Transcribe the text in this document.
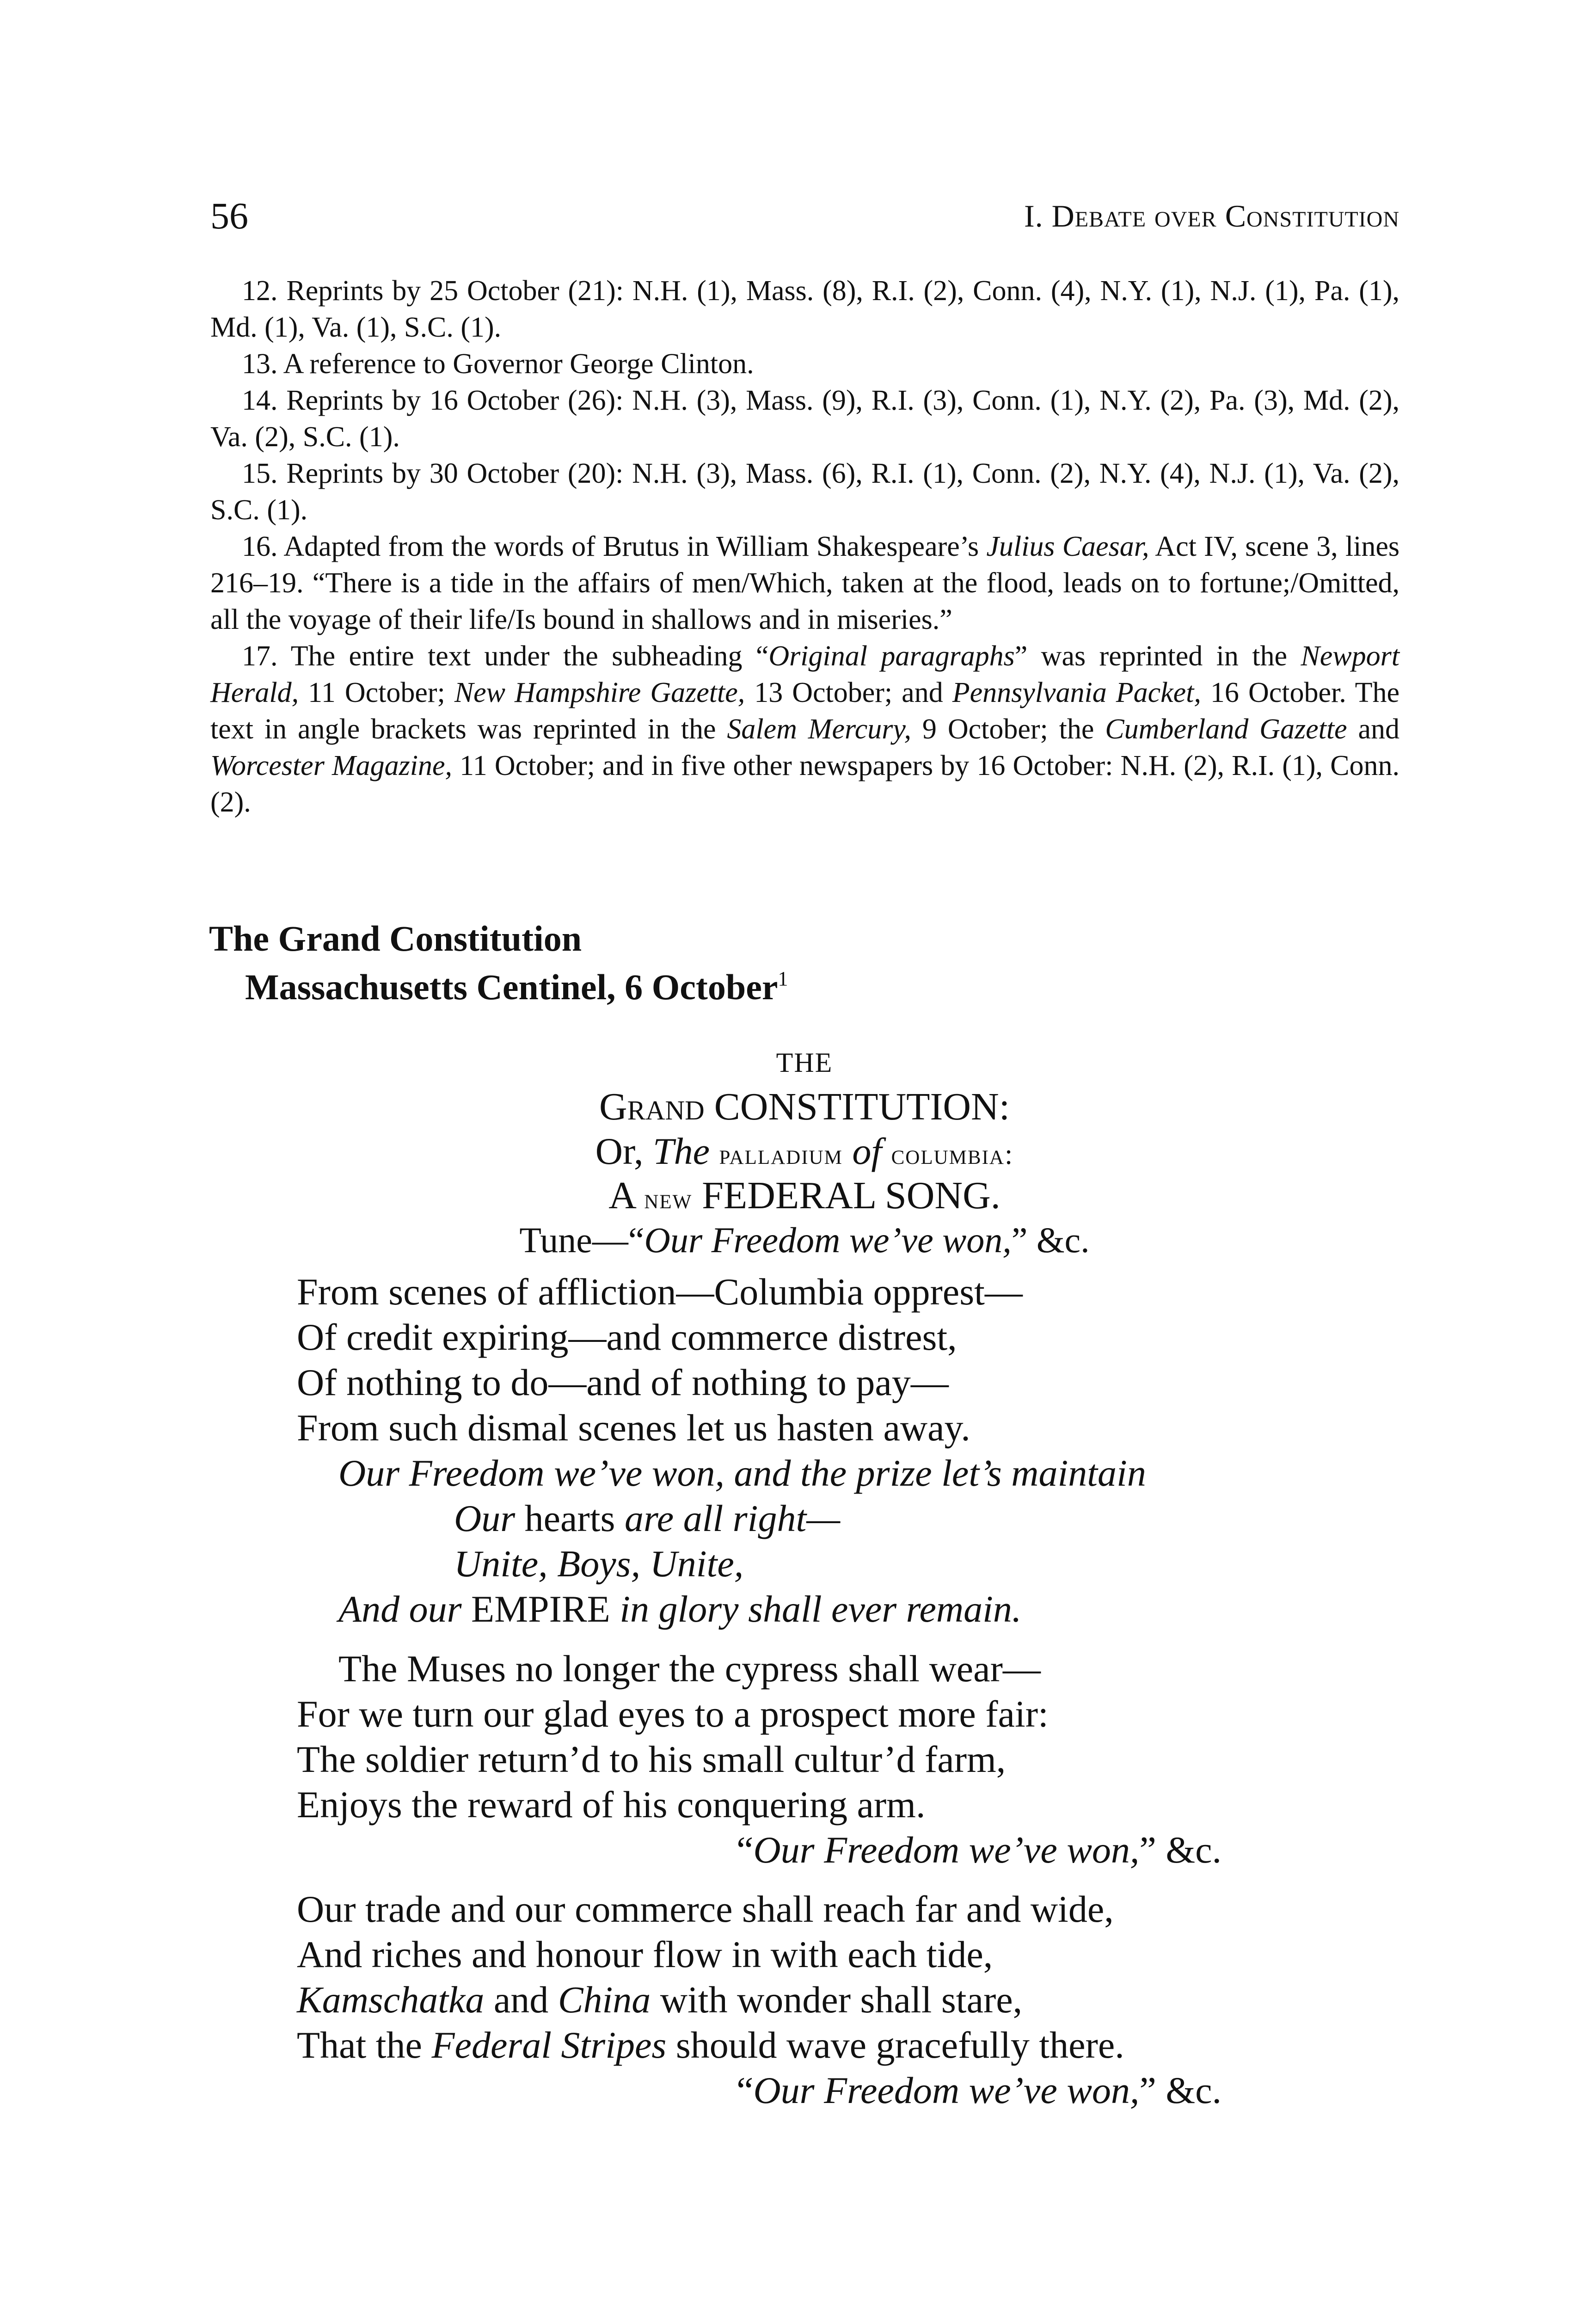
56	I. Debate over Constitution

12. Reprints by 25 October (21): N.H. (1), Mass. (8), R.I. (2), Conn. (4), N.Y. (1), N.J. (1), Pa. (1), Md. (1), Va. (1), S.C. (1).

13. A reference to Governor George Clinton.

14. Reprints by 16 October (26): N.H. (3), Mass. (9), R.I. (3), Conn. (1), N.Y. (2), Pa. (3), Md. (2), Va. (2), S.C. (1).

15. Reprints by 30 October (20): N.H. (3), Mass. (6), R.I. (1), Conn. (2), N.Y. (4), N.J. (1), Va. (2), S.C. (1).

16. Adapted from the words of Brutus in William Shakespeare’s Julius Caesar, Act IV, scene 3, lines 216–19. “There is a tide in the affairs of men/Which, taken at the flood, leads on to fortune;/Omitted, all the voyage of their life/Is bound in shallows and in miseries.”

17. The entire text under the subheading “Original paragraphs” was reprinted in the Newport Herald, 11 October; New Hampshire Gazette, 13 October; and Pennsylvania Packet, 16 October. The text in angle brackets was reprinted in the Salem Mercury, 9 October; the Cumberland Gazette and Worcester Magazine, 11 October; and in five other newspapers by 16 October: N.H. (2), R.I. (1), Conn. (2).

The Grand Constitution
Massachusetts Centinel, 6 October$^1$
THE
Grand CONSTITUTION:
Or, The palladium of columbia:
A new FEDERAL SONG.
Tune—“Our Freedom we’ve won,” &c.
From scenes of affliction—Columbia opprest—
Of credit expiring—and commerce distrest,
Of nothing to do—and of nothing to pay—
From such dismal scenes let us hasten away.
Our Freedom we’ve won, and the prize let’s maintain
Our hearts are all right—
Unite, Boys, Unite,
And our EMPIRE in glory shall ever remain.
The Muses no longer the cypress shall wear—
For we turn our glad eyes to a prospect more fair:
The soldier return’d to his small cultur’d farm,
Enjoys the reward of his conquering arm.
“Our Freedom we’ve won,” &c.
Our trade and our commerce shall reach far and wide,
And riches and honour flow in with each tide,
Kamschatka and China with wonder shall stare,
That the Federal Stripes should wave gracefully there.
“Our Freedom we’ve won,” &c.
